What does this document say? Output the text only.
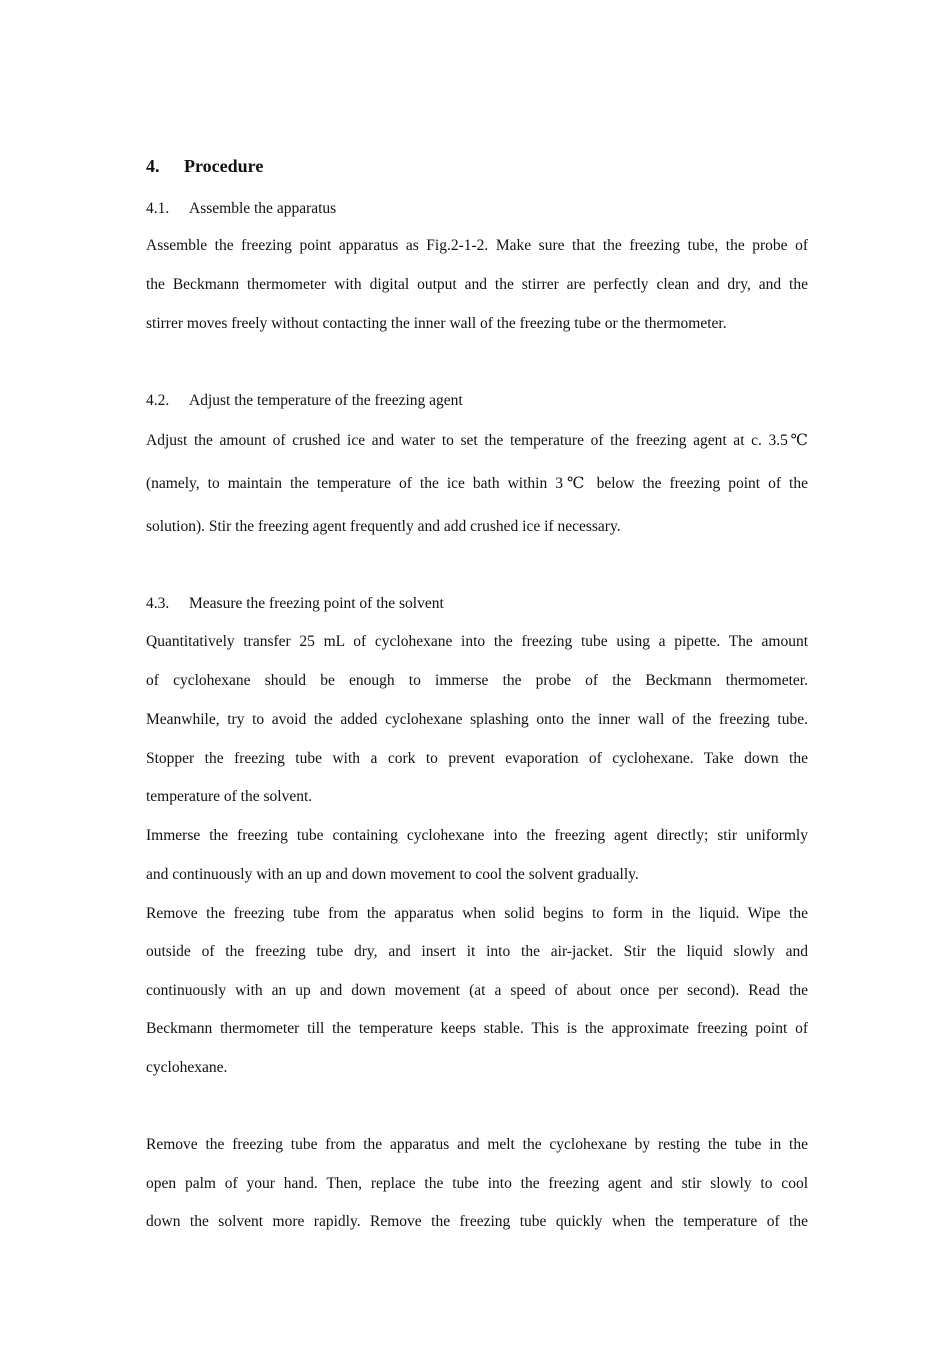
4. Procedure
4.1. Assemble the apparatus
Assemble the freezing point apparatus as Fig.2-1-2. Make sure that the freezing tube, the probe of
the Beckmann thermometer with digital output and the stirrer are perfectly clean and dry, and the
stirrer moves freely without contacting the inner wall of the freezing tube or the thermometer.
4.2. Adjust the temperature of the freezing agent
Adjust the amount of crushed ice and water to set the temperature of the freezing agent at c. 3.5℃
(namely, to maintain the temperature of the ice bath within 3℃ below the freezing point of the
solution). Stir the freezing agent frequently and add crushed ice if necessary.
4.3. Measure the freezing point of the solvent
Quantitatively transfer 25 mL of cyclohexane into the freezing tube using a pipette. The amount
of cyclohexane should be enough to immerse the probe of the Beckmann thermometer.
Meanwhile, try to avoid the added cyclohexane splashing onto the inner wall of the freezing tube.
Stopper the freezing tube with a cork to prevent evaporation of cyclohexane. Take down the
temperature of the solvent.
Immerse the freezing tube containing cyclohexane into the freezing agent directly; stir uniformly
and continuously with an up and down movement to cool the solvent gradually.
Remove the freezing tube from the apparatus when solid begins to form in the liquid. Wipe the
outside of the freezing tube dry, and insert it into the air-jacket. Stir the liquid slowly and
continuously with an up and down movement (at a speed of about once per second). Read the
Beckmann thermometer till the temperature keeps stable. This is the approximate freezing point of
cyclohexane.
Remove the freezing tube from the apparatus and melt the cyclohexane by resting the tube in the
open palm of your hand. Then, replace the tube into the freezing agent and stir slowly to cool
down the solvent more rapidly. Remove the freezing tube quickly when the temperature of the
